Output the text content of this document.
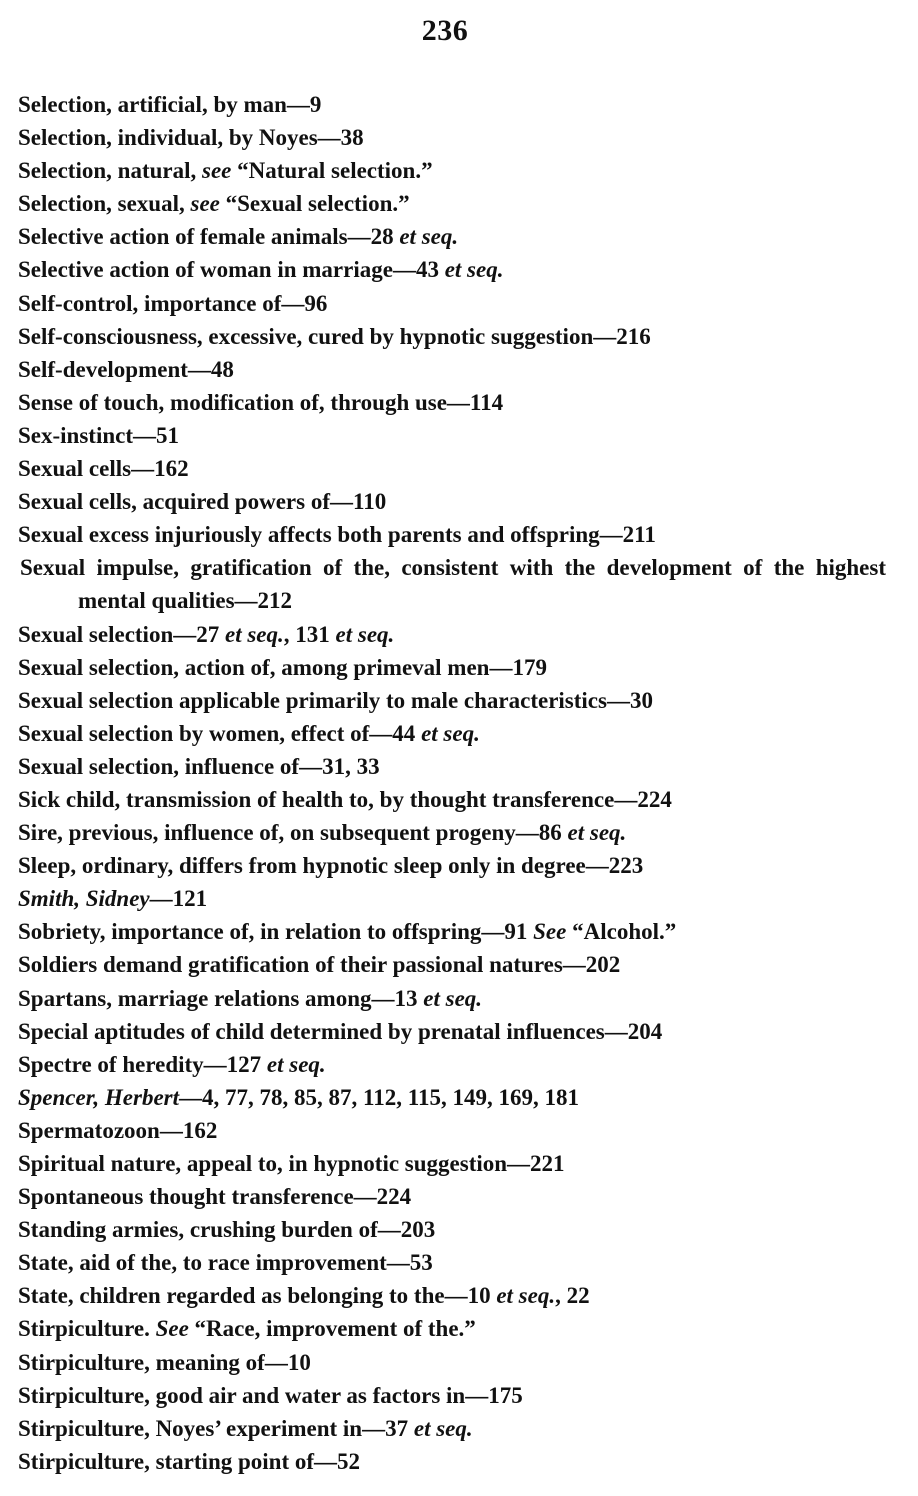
236
Selection, artificial, by man—9
Selection, individual, by Noyes—38
Selection, natural, see “Natural selection.”
Selection, sexual, see “Sexual selection.”
Selective action of female animals—28 et seq.
Selective action of woman in marriage—43 et seq.
Self-control, importance of—96
Self-consciousness, excessive, cured by hypnotic suggestion—216
Self-development—48
Sense of touch, modification of, through use—114
Sex-instinct—51
Sexual cells—162
Sexual cells, acquired powers of—110
Sexual excess injuriously affects both parents and offspring—211
Sexual impulse, gratification of the, consistent with the development of the highest mental qualities—212
Sexual selection—27 et seq., 131 et seq.
Sexual selection, action of, among primeval men—179
Sexual selection applicable primarily to male characteristics—30
Sexual selection by women, effect of—44 et seq.
Sexual selection, influence of—31, 33
Sick child, transmission of health to, by thought transference—224
Sire, previous, influence of, on subsequent progeny—86 et seq.
Sleep, ordinary, differs from hypnotic sleep only in degree—223
Smith, Sidney—121
Sobriety, importance of, in relation to offspring—91 See “Alcohol.”
Soldiers demand gratification of their passional natures—202
Spartans, marriage relations among—13 et seq.
Special aptitudes of child determined by prenatal influences—204
Spectre of heredity—127 et seq.
Spencer, Herbert—4, 77, 78, 85, 87, 112, 115, 149, 169, 181
Spermatozoon—162
Spiritual nature, appeal to, in hypnotic suggestion—221
Spontaneous thought transference—224
Standing armies, crushing burden of—203
State, aid of the, to race improvement—53
State, children regarded as belonging to the—10 et seq., 22
Stirpiculture. See “Race, improvement of the.”
Stirpiculture, meaning of—10
Stirpiculture, good air and water as factors in—175
Stirpiculture, Noyes’ experiment in—37 et seq.
Stirpiculture, starting point of—52
